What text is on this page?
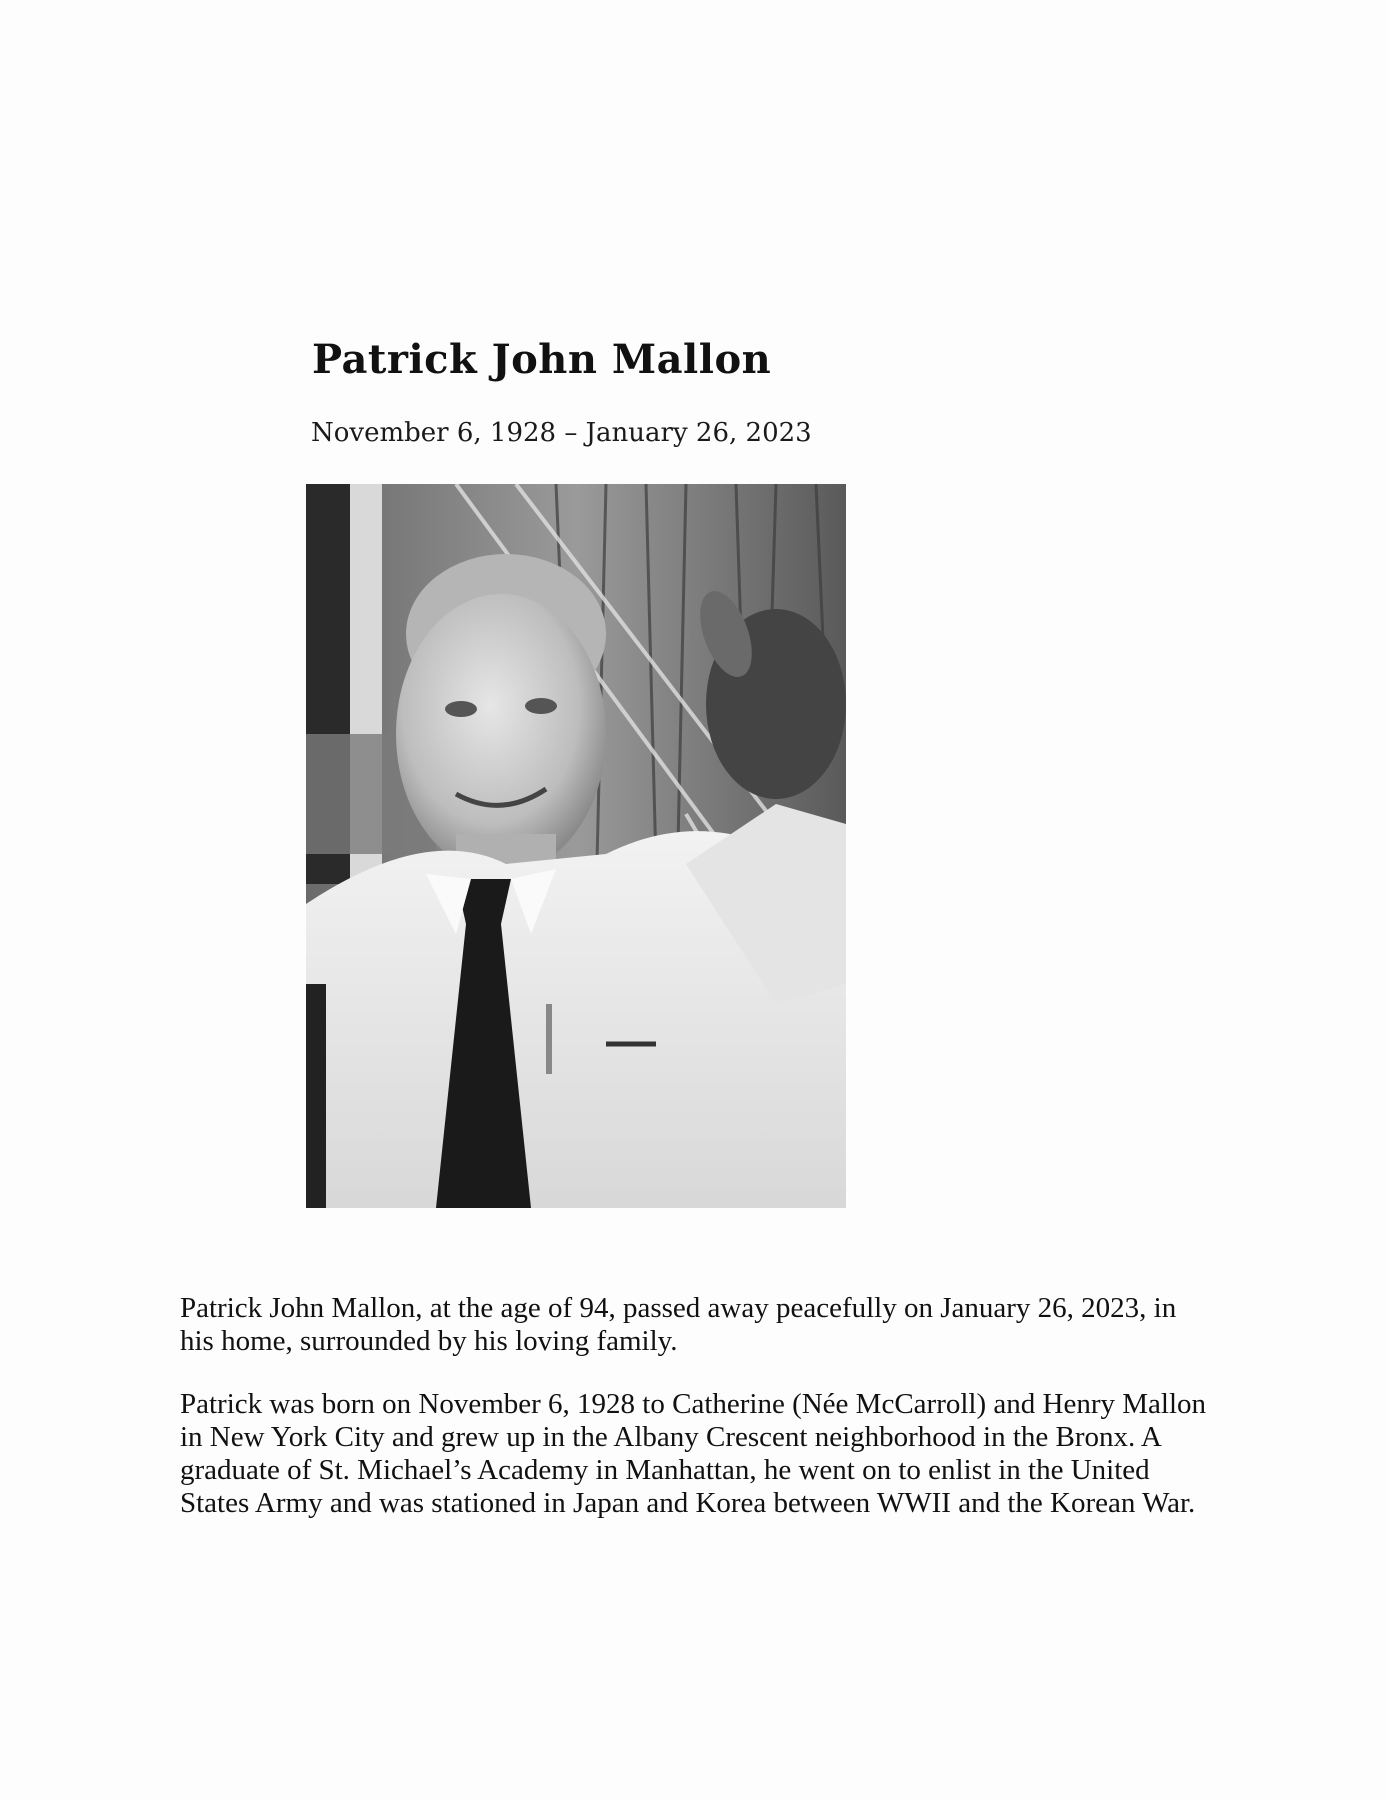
Patrick John Mallon

November 6, 1928 – January 26, 2023

Patrick John Mallon, at the age of 94, passed away peacefully on January 26, 2023, in his home, surrounded by his loving family.

Patrick was born on November 6, 1928 to Catherine (Née McCarroll) and Henry Mallon in New York City and grew up in the Albany Crescent neighborhood in the Bronx. A graduate of St. Michael’s Academy in Manhattan, he went on to enlist in the United States Army and was stationed in Japan and Korea between WWII and the Korean War.
